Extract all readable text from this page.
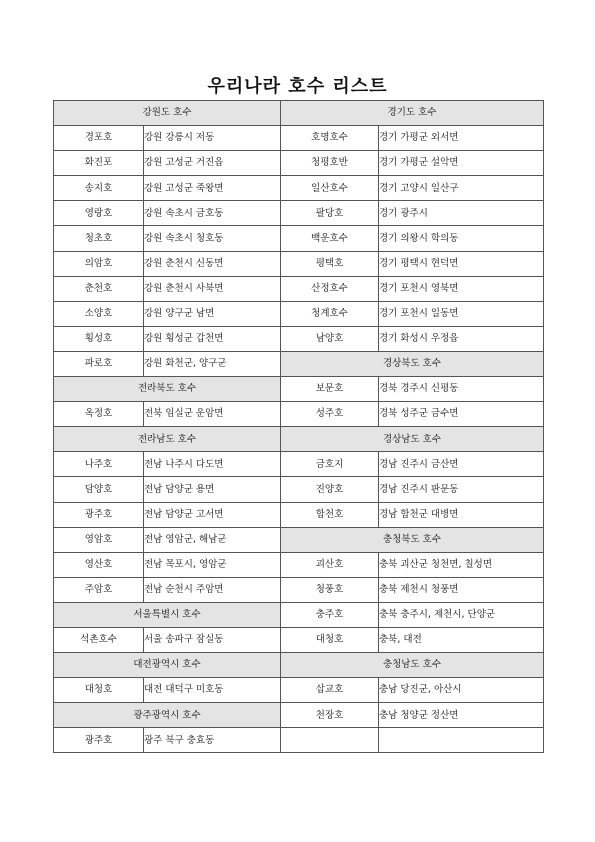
우리나라 호수 리스트
강원도 호수		경기도 호수	
경포호	강원 강릉시 저동	호명호수	경기 가평군 외서면
화진포	강원 고성군 거진읍	청평호반	경기 가평군 설악면
송지호	강원 고성군 죽왕면	일산호수	경기 고양시 일산구
영랑호	강원 속초시 금호동	팔당호	경기 광주시
청초호	강원 속초시 청호동	백운호수	경기 의왕시 학의동
의암호	강원 춘천시 신동면	평택호	경기 평택시 현덕면
춘천호	강원 춘천시 사북면	산정호수	경기 포천시 영북면
소양호	강원 양구군 남면	청계호수	경기 포천시 일동면
횡성호	강원 횡성군 갑천면	남양호	경기 화성시 우정읍
파로호	강원 화천군, 양구군	경상북도 호수	
전라북도 호수		보문호	경북 경주시 신평동
옥정호	전북 임실군 운암면	성주호	경북 성주군 금수면
전라남도 호수		경상남도 호수	
나주호	전남 나주시 다도면	금호지	경남 진주시 금산면
담양호	전남 담양군 용면	진양호	경남 진주시 판문동
광주호	전남 담양군 고서면	합천호	경남 합천군 대병면
영암호	전남 영암군, 해남군	충청북도 호수	
영산호	전남 목포시, 영암군	괴산호	충북 괴산군 청천면, 칠성면
주암호	전남 순천시 주암면	청풍호	충북 제천시 청풍면
서울특별시 호수		충주호	충북 충주시, 제천시, 단양군
석촌호수	서울 송파구 잠실동	대청호	충북, 대전
대전광역시 호수		충청남도 호수	
대청호	대전 대덕구 미호동	삽교호	충남 당진군, 아산시
광주광역시 호수		천장호	충남 청양군 정산면
광주호	광주 북구 충효동		
